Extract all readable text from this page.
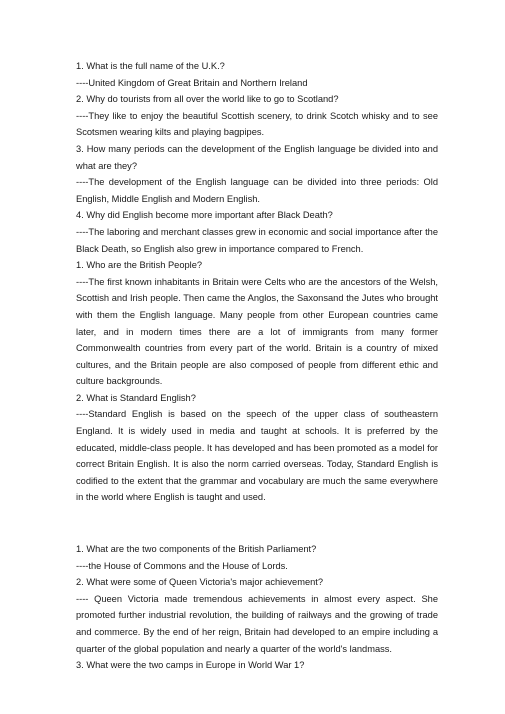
1. What is the full name of the U.K.?

----United Kingdom of Great Britain and Northern Ireland

2. Why do tourists from all over the world like to go to Scotland?

----They like to enjoy the beautiful Scottish scenery, to drink Scotch whisky and to see Scotsmen wearing kilts and playing bagpipes.

3. How many periods can the development of the English language be divided into and what are they?

----The development of the English language can be divided into three periods: Old English, Middle English and Modern English.

4. Why did English become more important after Black Death?

----The laboring and merchant classes grew in economic and social importance after the Black Death, so English also grew in importance compared to French.

1. Who are the British People?

----The first known inhabitants in Britain were Celts who are the ancestors of the Welsh, Scottish and Irish people. Then came the Anglos, the Saxonsand the Jutes who brought with them the English language. Many people from other European countries came later, and in modern times there are a lot of immigrants from many former Commonwealth countries from every part of the world. Britain is a country of mixed cultures, and the Britain people are also composed of people from different ethic and culture backgrounds.

2. What is Standard English?

----Standard English is based on the speech of the upper class of southeastern England. It is widely used in media and taught at schools. It is preferred by the educated, middle-class people. It has developed and has been promoted as a model for correct Britain English. It is also the norm carried overseas. Today, Standard English is codified to the extent that the grammar and vocabulary are much the same everywhere in the world where English is taught and used.

1. What are the two components of the British Parliament?

----the House of Commons and the House of Lords.

2. What were some of Queen Victoria's major achievement?

---- Queen Victoria made tremendous achievements in almost every aspect. She promoted further industrial revolution, the building of railways and the growing of trade and commerce. By the end of her reign, Britain had developed to an empire including a quarter of the global population and nearly a quarter of the world's landmass.

3. What were the two camps in Europe in World War 1?
